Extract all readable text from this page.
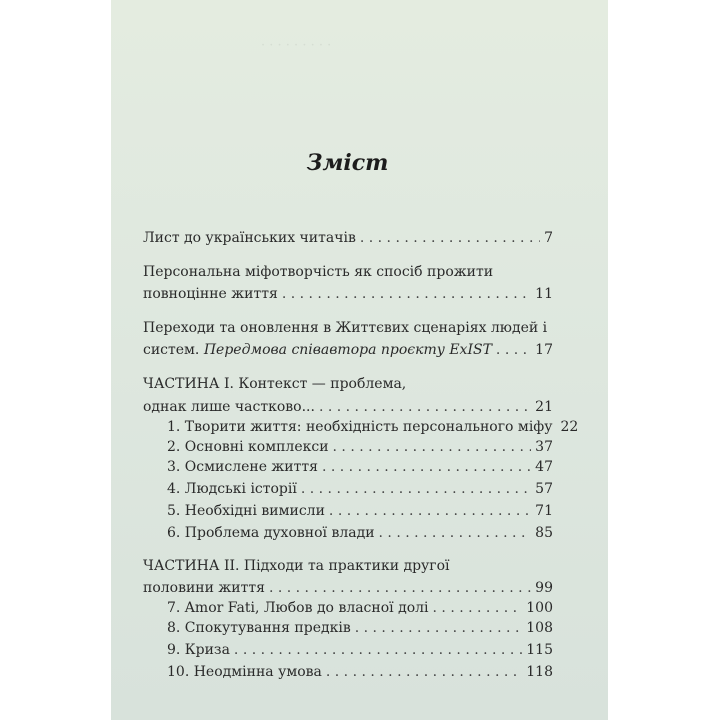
· · · · · · · · ·
Зміст
Лист до українських читачів . . .	7
Персональна міфотворчість як спосіб прожити
повноцінне життя . . .	11
Переходи та оновлення в Життєвих сценаріях людей і
систем. Передмова співавтора проєкту ExIST . . .	17
ЧАСТИНА I. Контекст — проблема,
однак лише частково... . . .	21
1. Творити життя: необхідність персонального міфу 22
2. Основні комплекси . . .	37
3. Осмислене життя . . .	47
4. Людські історії . . .	57
5. Необхідні вимисли . . .	71
6. Проблема духовної влади . . .	85
ЧАСТИНА II. Підходи та практики другої
половини життя . . .	99
7. Amor Fati, Любов до власної долі . . .	100
8. Спокутування предків . . .	108
9. Криза . . .	115
10. Неодмінна умова . . .	118
